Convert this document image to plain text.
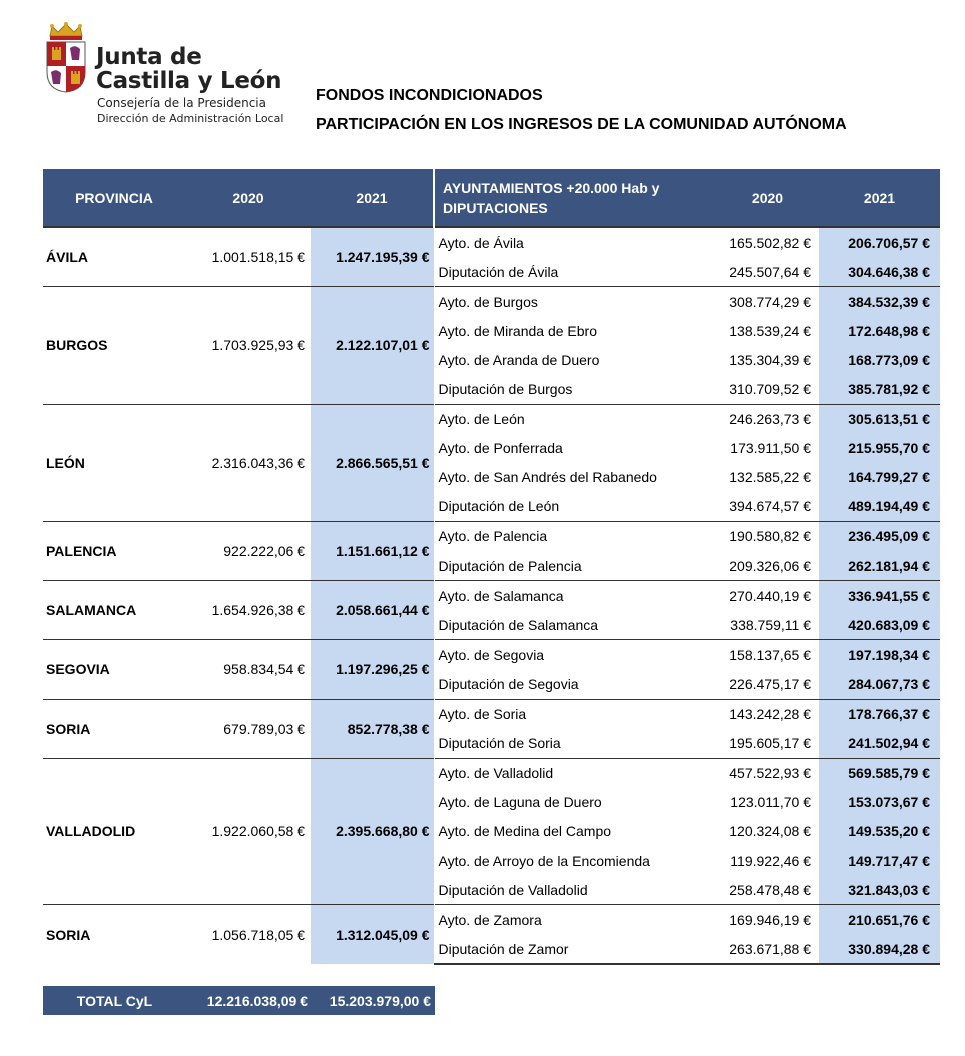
Junta de
Castilla y León
Consejería de la Presidencia
Dirección de Administración Local
FONDOS INCONDICIONADOS
PARTICIPACIÓN EN LOS INGRESOS DE LA COMUNIDAD AUTÓNOMA
PROVINCIA	2020	2021	AYUNTAMIENTOS +20.000 Hab y DIPUTACIONES	2020	2021
ÁVILA	1.001.518,15 €	1.247.195,39 €	Ayto. de Ávila	165.502,82 €	206.706,57 €
			Diputación de Ávila	245.507,64 €	304.646,38 €
BURGOS	1.703.925,93 €	2.122.107,01 €	Ayto. de Burgos	308.774,29 €	384.532,39 €
			Ayto. de Miranda de Ebro	138.539,24 €	172.648,98 €
			Ayto. de Aranda de Duero	135.304,39 €	168.773,09 €
			Diputación de Burgos	310.709,52 €	385.781,92 €
LEÓN	2.316.043,36 €	2.866.565,51 €	Ayto. de León	246.263,73 €	305.613,51 €
			Ayto. de Ponferrada	173.911,50 €	215.955,70 €
			Ayto. de San Andrés del Rabanedo	132.585,22 €	164.799,27 €
			Diputación de León	394.674,57 €	489.194,49 €
PALENCIA	922.222,06 €	1.151.661,12 €	Ayto. de Palencia	190.580,82 €	236.495,09 €
			Diputación de Palencia	209.326,06 €	262.181,94 €
SALAMANCA	1.654.926,38 €	2.058.661,44 €	Ayto. de Salamanca	270.440,19 €	336.941,55 €
			Diputación de Salamanca	338.759,11 €	420.683,09 €
SEGOVIA	958.834,54 €	1.197.296,25 €	Ayto. de Segovia	158.137,65 €	197.198,34 €
			Diputación de Segovia	226.475,17 €	284.067,73 €
SORIA	679.789,03 €	852.778,38 €	Ayto. de Soria	143.242,28 €	178.766,37 €
			Diputación de Soria	195.605,17 €	241.502,94 €
VALLADOLID	1.922.060,58 €	2.395.668,80 €	Ayto. de Valladolid	457.522,93 €	569.585,79 €
			Ayto. de Laguna de Duero	123.011,70 €	153.073,67 €
			Ayto. de Medina del Campo	120.324,08 €	149.535,20 €
			Ayto. de Arroyo de la Encomienda	119.922,46 €	149.717,47 €
			Diputación de Valladolid	258.478,48 €	321.843,03 €
SORIA	1.056.718,05 €	1.312.045,09 €	Ayto. de Zamora	169.946,19 €	210.651,76 €
			Diputación de Zamor	263.671,88 €	330.894,28 €
TOTAL CyL	12.216.038,09 €	15.203.979,00 €
